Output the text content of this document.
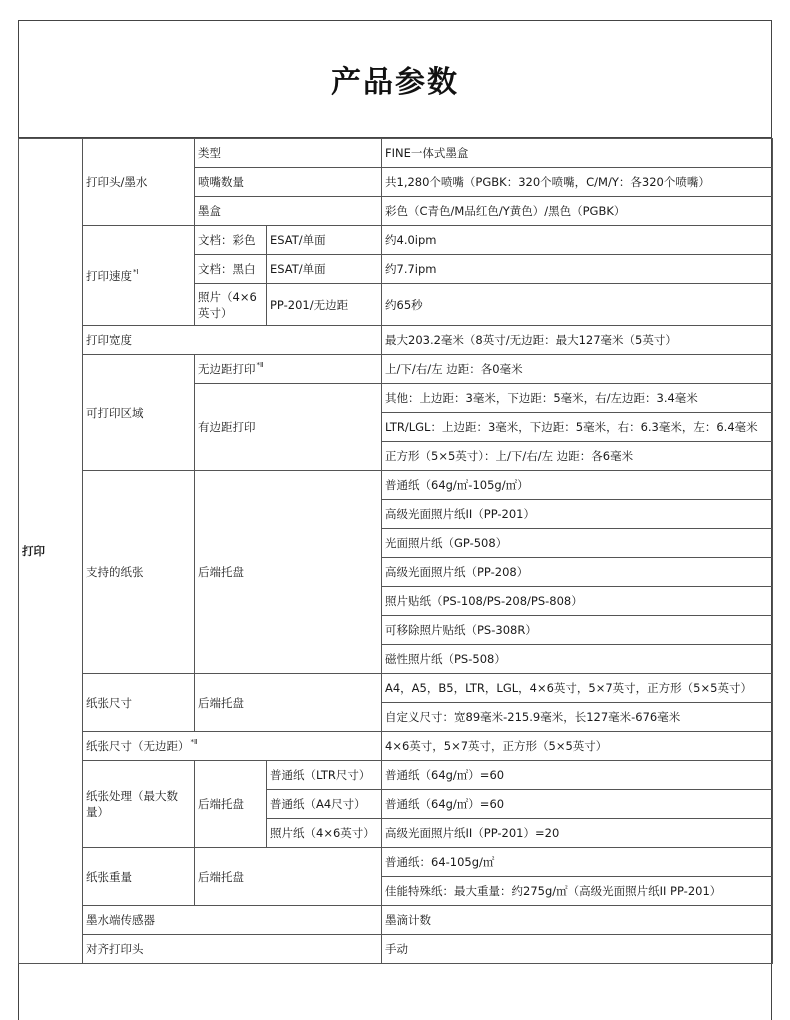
产品参数
打印	打印头/墨水	类型		FINE一体式墨盒
		喷嘴数量		共1,280个喷嘴（PGBK：320个喷嘴，C/M/Y：各320个喷嘴）
		墨盒		彩色（C青色/M品红色/Y黄色）/黑色（PGBK）
	打印速度$^{*Ⅰ}$	文档：彩色	ESAT/单面	约4.0ipm
		文档：黑白	ESAT/单面	约7.7ipm
		照片（4×6英寸）	PP-201/无边距	约65秒
	打印宽度			最大203.2毫米（8英寸/无边距：最大127毫米（5英寸）
	可打印区域	无边距打印$^{*Ⅱ}$		上/下/右/左 边距：各0毫米
		有边距打印		其他：上边距：3毫米，下边距：5毫米，右/左边距：3.4毫米
				LTR/LGL：上边距：3毫米，下边距：5毫米，右：6.3毫米，左：6.4毫米
				正方形（5×5英寸）：上/下/右/左 边距：各6毫米
	支持的纸张	后端托盘		普通纸（64g/㎡-105g/㎡）
				高级光面照片纸II（PP-201）
				光面照片纸（GP-508）
				高级光面照片纸（PP-208）
				照片贴纸（PS-108/PS-208/PS-808）
				可移除照片贴纸（PS-308R）
				磁性照片纸（PS-508）
	纸张尺寸	后端托盘		A4，A5，B5，LTR，LGL，4×6英寸，5×7英寸，正方形（5×5英寸）
				自定义尺寸：宽89毫米-215.9毫米，长127毫米-676毫米
	纸张尺寸（无边距）$^{*Ⅱ}$			4×6英寸，5×7英寸，正方形（5×5英寸）
	纸张处理（最大数量）	后端托盘	普通纸（LTR尺寸）	普通纸（64g/㎡）=60
			普通纸（A4尺寸）	普通纸（64g/㎡）=60
			照片纸（4×6英寸）	高级光面照片纸II（PP-201）=20
	纸张重量	后端托盘		普通纸：64-105g/㎡
				佳能特殊纸：最大重量：约275g/㎡（高级光面照片纸II PP-201）
	墨水端传感器			墨滴计数
	对齐打印头			手动
